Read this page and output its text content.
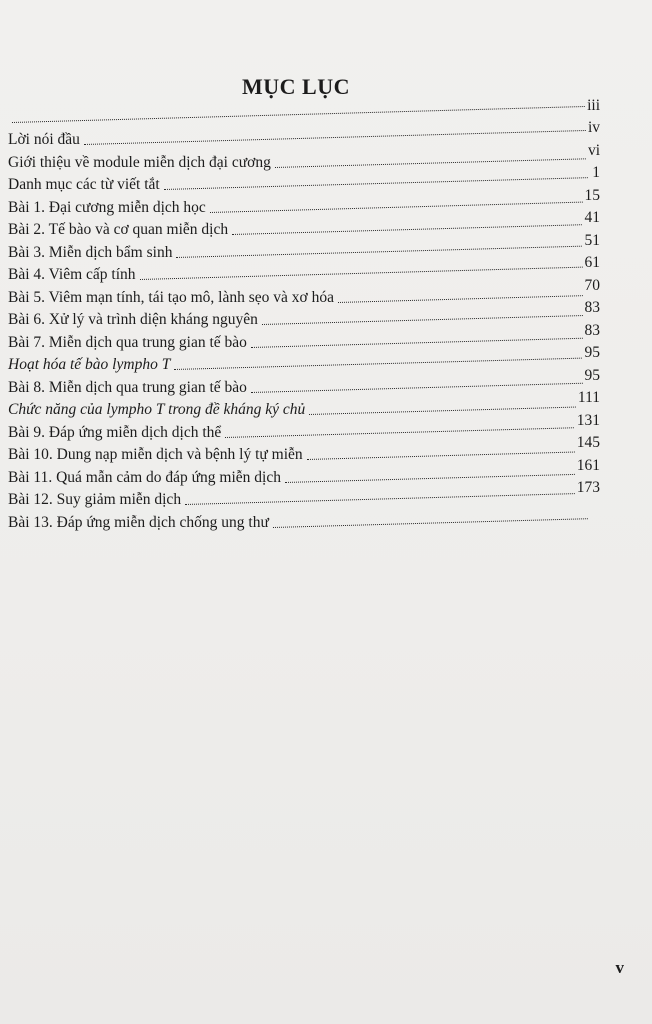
MỤC LỤC
iii
Lời nói đầu
iv
Giới thiệu về module miễn dịch đại cương
vi
Danh mục các từ viết tắt
1
Bài 1. Đại cương miễn dịch học
15
Bài 2. Tế bào và cơ quan miễn dịch
41
Bài 3. Miễn dịch bẩm sinh
51
Bài 4. Viêm cấp tính
61
Bài 5. Viêm mạn tính, tái tạo mô, lành sẹo và xơ hóa
70
Bài 6. Xử lý và trình diện kháng nguyên
83
Bài 7. Miễn dịch qua trung gian tế bào
83
Hoạt hóa tế bào lympho T
95
Bài 8. Miễn dịch qua trung gian tế bào
95
Chức năng của lympho T trong đề kháng ký chủ
111
Bài 9. Đáp ứng miễn dịch dịch thể
131
Bài 10. Dung nạp miễn dịch và bệnh lý tự miễn
145
Bài 11. Quá mẫn cảm do đáp ứng miễn dịch
161
Bài 12. Suy giảm miễn dịch
173
Bài 13. Đáp ứng miễn dịch chống ung thư
v
